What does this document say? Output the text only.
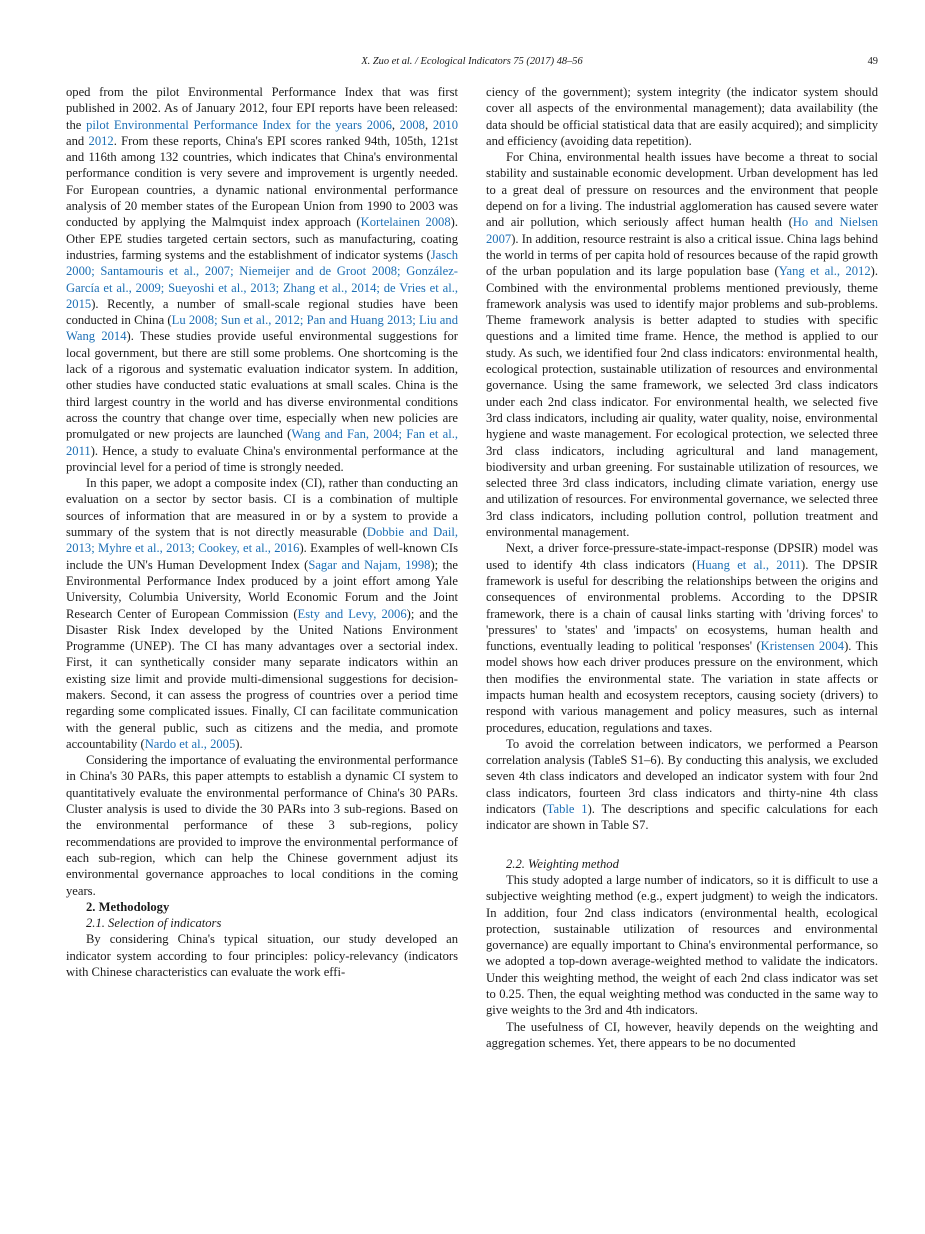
X. Zuo et al. / Ecological Indicators 75 (2017) 48–56	49

oped from the pilot Environmental Performance Index that was first published in 2002. As of January 2012, four EPI reports have been released: the pilot Environmental Performance Index for the years 2006, 2008, 2010 and 2012. From these reports, China's EPI scores ranked 94th, 105th, 121st and 116th among 132 countries, which indicates that China's environmental performance condition is very severe and improvement is urgently needed. For European countries, a dynamic national environmental performance analysis of 20 member states of the European Union from 1990 to 2003 was conducted by applying the Malmquist index approach (Kortelainen 2008). Other EPE studies targeted certain sectors, such as manufacturing, coating industries, farming systems and the establishment of indicator systems (Jasch 2000; Santamouris et al., 2007; Niemeijer and de Groot 2008; González-García et al., 2009; Sueyoshi et al., 2013; Zhang et al., 2014; de Vries et al., 2015). Recently, a number of small-scale regional studies have been conducted in China (Lu 2008; Sun et al., 2012; Pan and Huang 2013; Liu and Wang 2014). These studies provide useful environmental suggestions for local government, but there are still some problems. One shortcoming is the lack of a rigorous and systematic evaluation indicator system. In addition, other studies have conducted static evaluations at small scales. China is the third largest country in the world and has diverse environmental conditions across the country that change over time, especially when new policies are promulgated or new projects are launched (Wang and Fan, 2004; Fan et al., 2011). Hence, a study to evaluate China's environmental performance at the provincial level for a period of time is strongly needed.

In this paper, we adopt a composite index (CI), rather than conducting an evaluation on a sector by sector basis. CI is a combination of multiple sources of information that are measured in or by a system to provide a summary of the system that is not directly measurable (Dobbie and Dail, 2013; Myhre et al., 2013; Cookey, et al., 2016). Examples of well-known CIs include the UN's Human Development Index (Sagar and Najam, 1998); the Environmental Performance Index produced by a joint effort among Yale University, Columbia University, World Economic Forum and the Joint Research Center of European Commission (Esty and Levy, 2006); and the Disaster Risk Index developed by the United Nations Environment Programme (UNEP). The CI has many advantages over a sectorial index. First, it can synthetically consider many separate indicators within an existing size limit and provide multi-dimensional suggestions for decision-makers. Second, it can assess the progress of countries over a period time regarding some complicated issues. Finally, CI can facilitate communication with the general public, such as citizens and the media, and promote accountability (Nardo et al., 2005).

Considering the importance of evaluating the environmental performance in China's 30 PARs, this paper attempts to establish a dynamic CI system to quantitatively evaluate the environmental performance of China's 30 PARs. Cluster analysis is used to divide the 30 PARs into 3 sub-regions. Based on the environmental performance of these 3 sub-regions, policy recommendations are provided to improve the environmental performance of each sub-region, which can help the Chinese government adjust its environmental governance approaches to local conditions in the coming years.

2. Methodology

2.1. Selection of indicators

By considering China's typical situation, our study developed an indicator system according to four principles: policy-relevancy (indicators with Chinese characteristics can evaluate the work effi-

ciency of the government); system integrity (the indicator system should cover all aspects of the environmental management); data availability (the data should be official statistical data that are easily acquired); and simplicity and efficiency (avoiding data repetition).

For China, environmental health issues have become a threat to social stability and sustainable economic development. Urban development has led to a great deal of pressure on resources and the environment that people depend on for a living. The industrial agglomeration has caused severe water and air pollution, which seriously affect human health (Ho and Nielsen 2007). In addition, resource restraint is also a critical issue. China lags behind the world in terms of per capita hold of resources because of the rapid growth of the urban population and its large population base (Yang et al., 2012). Combined with the environmental problems mentioned previously, theme framework analysis was used to identify major problems and sub-problems. Theme framework analysis is better adapted to studies with specific questions and a limited time frame. Hence, the method is applied to our study. As such, we identified four 2nd class indicators: environmental health, ecological protection, sustainable utilization of resources and environmental governance. Using the same framework, we selected 3rd class indicators under each 2nd class indicator. For environmental health, we selected five 3rd class indicators, including air quality, water quality, noise, environmental hygiene and waste management. For ecological protection, we selected three 3rd class indicators, including agricultural and land management, biodiversity and urban greening. For sustainable utilization of resources, we selected three 3rd class indicators, including climate variation, energy use and utilization of resources. For environmental governance, we selected three 3rd class indicators, including pollution control, pollution treatment and environmental management.

Next, a driver force-pressure-state-impact-response (DPSIR) model was used to identify 4th class indicators (Huang et al., 2011). The DPSIR framework is useful for describing the relationships between the origins and consequences of environmental problems. According to the DPSIR framework, there is a chain of causal links starting with 'driving forces' to 'pressures' to 'states' and 'impacts' on ecosystems, human health and functions, eventually leading to political 'responses' (Kristensen 2004). This model shows how each driver produces pressure on the environment, which then modifies the environmental state. The variation in state affects or impacts human health and ecosystem receptors, causing society (drivers) to respond with various management and policy measures, such as internal procedures, education, regulations and taxes.

To avoid the correlation between indicators, we performed a Pearson correlation analysis (TableS S1–6). By conducting this analysis, we excluded seven 4th class indicators and developed an indicator system with four 2nd class indicators, fourteen 3rd class indicators and thirty-nine 4th class indicators (Table 1). The descriptions and specific calculations for each indicator are shown in Table S7.

2.2. Weighting method

This study adopted a large number of indicators, so it is difficult to use a subjective weighting method (e.g., expert judgment) to weigh the indicators. In addition, four 2nd class indicators (environmental health, ecological protection, sustainable utilization of resources and environmental governance) are equally important to China's environmental performance, so we adopted a top-down average-weighted method to validate the indicators. Under this weighting method, the weight of each 2nd class indicator was set to 0.25. Then, the equal weighting method was conducted in the same way to give weights to the 3rd and 4th indicators.

The usefulness of CI, however, heavily depends on the weighting and aggregation schemes. Yet, there appears to be no documented
